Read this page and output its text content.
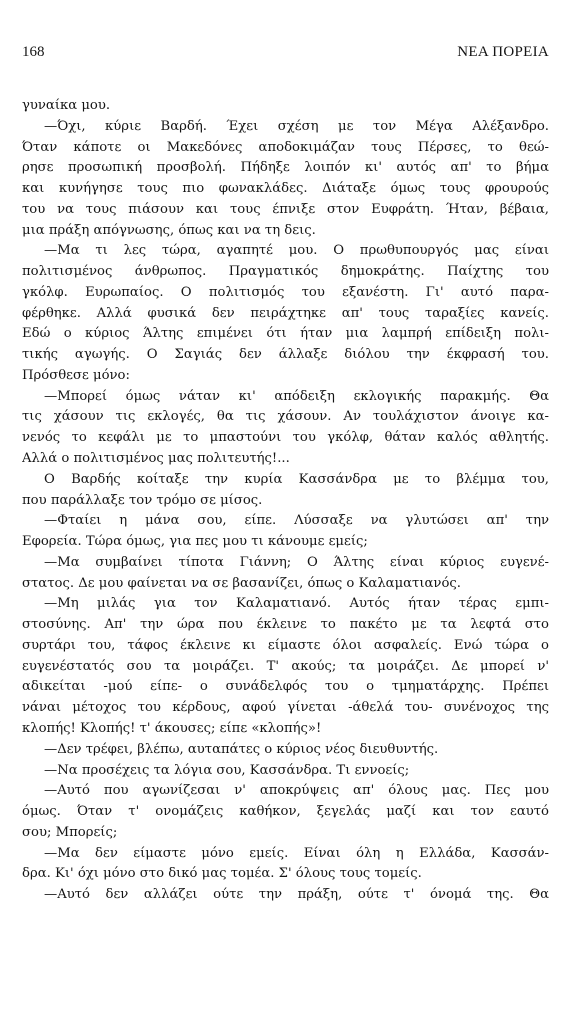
168	ΝΕΑ ΠΟΡΕΙΑ
γυναίκα μου.
—Όχι, κύριε Βαρδή. Έχει σχέση με τον Μέγα Αλέξανδρο.
Όταν κάποτε οι Μακεδόνες αποδοκιμάζαν τους Πέρσες, το θεώ-
ρησε προσωπική προσβολή. Πήδηξε λοιπόν κι' αυτός απ' το βήμα
και κυνήγησε τους πιο φωνακλάδες. Διάταξε όμως τους φρουρούς
του να τους πιάσουν και τους έπνιξε στον Ευφράτη. Ήταν, βέβαια,
μια πράξη απόγνωσης, όπως και να τη δεις.
—Μα τι λες τώρα, αγαπητέ μου. Ο πρωθυπουργός μας είναι
πολιτισμένος άνθρωπος. Πραγματικός δημοκράτης. Παίχτης του
γκόλφ. Ευρωπαίος. Ο πολιτισμός του εξανέστη. Γι' αυτό παρα-
φέρθηκε. Αλλά φυσικά δεν πειράχτηκε απ' τους ταραξίες κανείς.
Εδώ ο κύριος Άλτης επιμένει ότι ήταν μια λαμπρή επίδειξη πολι-
τικής αγωγής. Ο Σαγιάς δεν άλλαξε διόλου την έκφρασή του.
Πρόσθεσε μόνο:
—Μπορεί όμως νάταν κι' απόδειξη εκλογικής παρακμής. Θα
τις χάσουν τις εκλογές, θα τις χάσουν. Αν τουλάχιστον άνοιγε κα-
νενός το κεφάλι με το μπαστούνι του γκόλφ, θάταν καλός αθλητής.
Αλλά ο πολιτισμένος μας πολιτευτής!...
Ο Βαρδής κοίταξε την κυρία Κασσάνδρα με το βλέμμα του,
που παράλλαξε τον τρόμο σε μίσος.
—Φταίει η μάνα σου, είπε. Λύσσαξε να γλυτώσει απ' την
Εφορεία. Τώρα όμως, για πες μου τι κάνουμε εμείς;
—Μα συμβαίνει τίποτα Γιάννη; Ο Άλτης είναι κύριος ευγενέ-
στατος. Δε μου φαίνεται να σε βασανίζει, όπως ο Καλαματιανός.
—Μη μιλάς για τον Καλαματιανό. Αυτός ήταν τέρας εμπι-
στοσύνης. Απ' την ώρα που έκλεινε το πακέτο με τα λεφτά στο
συρτάρι του, τάφος έκλεινε κι είμαστε όλοι ασφαλείς. Ενώ τώρα ο
ευγενέστατός σου τα μοιράζει. Τ' ακούς; τα μοιράζει. Δε μπορεί ν'
αδικείται -μού είπε- ο συνάδελφός του ο τμηματάρχης. Πρέπει
νάναι μέτοχος του κέρδους, αφού γίνεται -άθελά του- συνένοχος της
κλοπής! Κλοπής! τ' άκουσες; είπε «κλοπής»!
—Δεν τρέφει, βλέπω, αυταπάτες ο κύριος νέος διευθυντής.
—Να προσέχεις τα λόγια σου, Κασσάνδρα. Τι εννοείς;
—Αυτό που αγωνίζεσαι ν' αποκρύψεις απ' όλους μας. Πες μου
όμως. Όταν τ' ονομάζεις καθήκον, ξεγελάς μαζί και τον εαυτό
σου; Μπορείς;
—Μα δεν είμαστε μόνο εμείς. Είναι όλη η Ελλάδα, Κασσάν-
δρα. Κι' όχι μόνο στο δικό μας τομέα. Σ' όλους τους τομείς.
—Αυτό δεν αλλάζει ούτε την πράξη, ούτε τ' όνομά της. Θα
